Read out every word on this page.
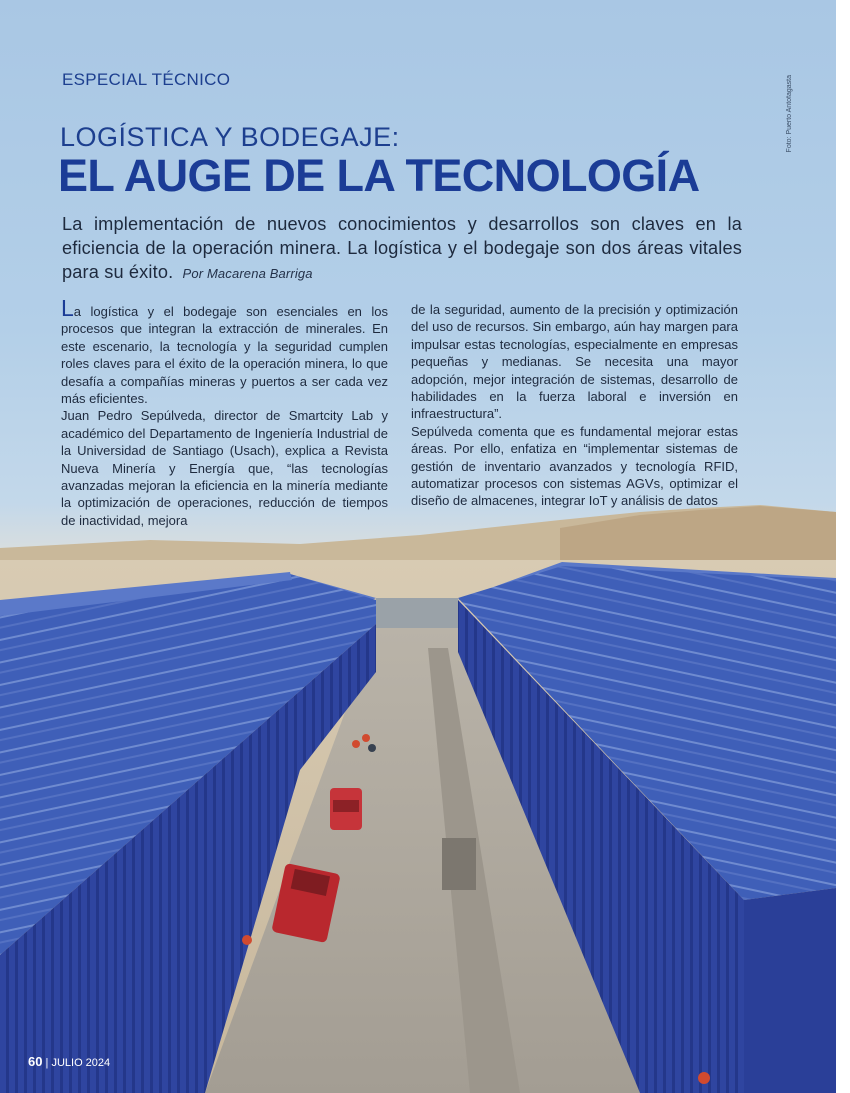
ESPECIAL TÉCNICO	Foto: Puerto Antofagasta
LOGÍSTICA Y BODEGAJE:
EL AUGE DE LA TECNOLOGÍA
La implementación de nuevos conocimientos y desarrollos son claves en la eficiencia de la operación minera. La logística y el bodegaje son dos áreas vitales para su éxito. Por Macarena Barriga

La logística y el bodegaje son esenciales en los procesos que integran la extracción de minerales. En este escenario, la tecnología y la seguridad cumplen roles claves para el éxito de la operación minera, lo que desafía a compañías mineras y puertos a ser cada vez más eficientes.

Juan Pedro Sepúlveda, director de Smartcity Lab y académico del Departamento de Ingeniería Industrial de la Universidad de Santiago (Usach), explica a Revista Nueva Minería y Energía que, “las tecnologías avanzadas mejoran la eficiencia en la minería mediante la optimización de operaciones, reducción de tiempos de inactividad, mejora

de la seguridad, aumento de la precisión y optimización del uso de recursos. Sin embargo, aún hay margen para impulsar estas tecnologías, especialmente en empresas pequeñas y medianas. Se necesita una mayor adopción, mejor integración de sistemas, desarrollo de habilidades en la fuerza laboral e inversión en infraestructura”.

Sepúlveda comenta que es fundamental mejorar estas áreas. Por ello, enfatiza en “implementar sistemas de gestión de inventario avanzados y tecnología RFID, automatizar procesos con sistemas AGVs, optimizar el diseño de almacenes, integrar IoT y análisis de datos

60 | JULIO 2024
